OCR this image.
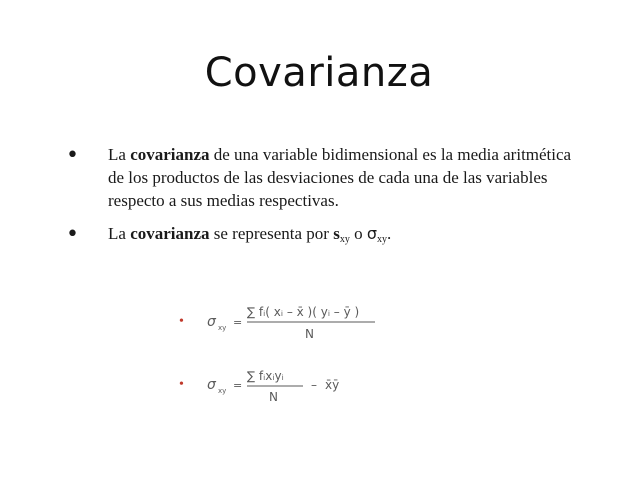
Covarianza
• La covarianza de una variable bidimensional es la media aritmética de los productos de las desviaciones de cada una de las variables respecto a sus medias respectivas.
• La covarianza se representa por $s_{xy}$ o $\sigma_{xy}$.
• σ xy =
∑ fᵢ( xᵢ – x̄ )( yᵢ – ȳ )
N
• σ xy =
∑ fᵢxᵢyᵢ
N
– x̄ȳ
